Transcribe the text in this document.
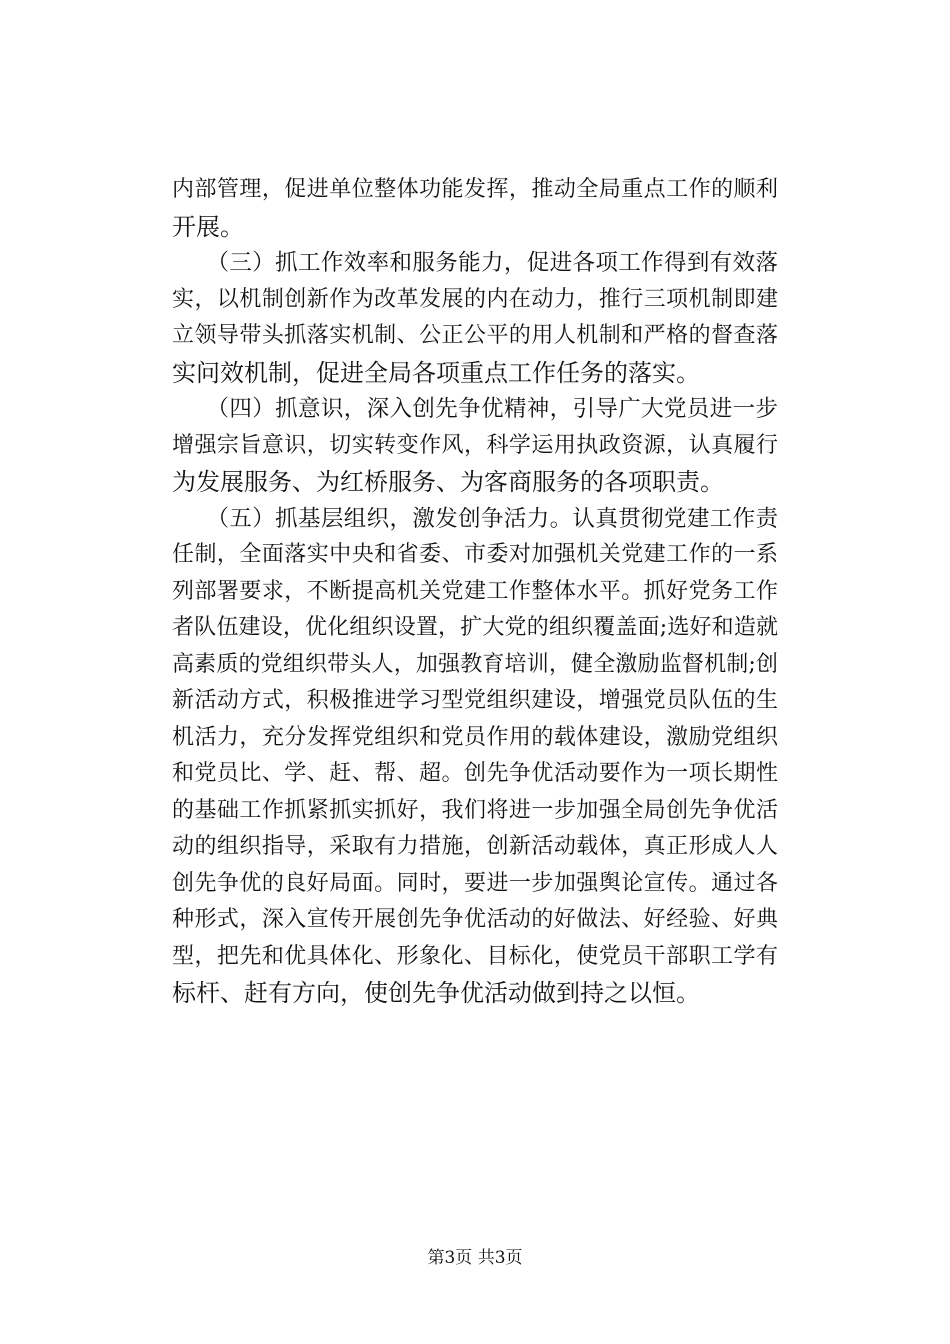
内部管理，促进单位整体功能发挥，推动全局重点工作的顺利
开展。
　　（三）抓工作效率和服务能力，促进各项工作得到有效落
实，以机制创新作为改革发展的内在动力，推行三项机制即建
立领导带头抓落实机制、公正公平的用人机制和严格的督查落
实问效机制，促进全局各项重点工作任务的落实。
　　（四）抓意识，深入创先争优精神，引导广大党员进一步
增强宗旨意识，切实转变作风，科学运用执政资源，认真履行
为发展服务、为红桥服务、为客商服务的各项职责。
　　（五）抓基层组织，激发创争活力。认真贯彻党建工作责
任制，全面落实中央和省委、市委对加强机关党建工作的一系
列部署要求，不断提高机关党建工作整体水平。抓好党务工作
者队伍建设，优化组织设置，扩大党的组织覆盖面;选好和造就
高素质的党组织带头人，加强教育培训，健全激励监督机制;创
新活动方式，积极推进学习型党组织建设，增强党员队伍的生
机活力，充分发挥党组织和党员作用的载体建设，激励党组织
和党员比、学、赶、帮、超。创先争优活动要作为一项长期性
的基础工作抓紧抓实抓好，我们将进一步加强全局创先争优活
动的组织指导，采取有力措施，创新活动载体，真正形成人人
创先争优的良好局面。同时，要进一步加强舆论宣传。通过各
种形式，深入宣传开展创先争优活动的好做法、好经验、好典
型，把先和优具体化、形象化、目标化，使党员干部职工学有
标杆、赶有方向，使创先争优活动做到持之以恒。
第3页 共3页
